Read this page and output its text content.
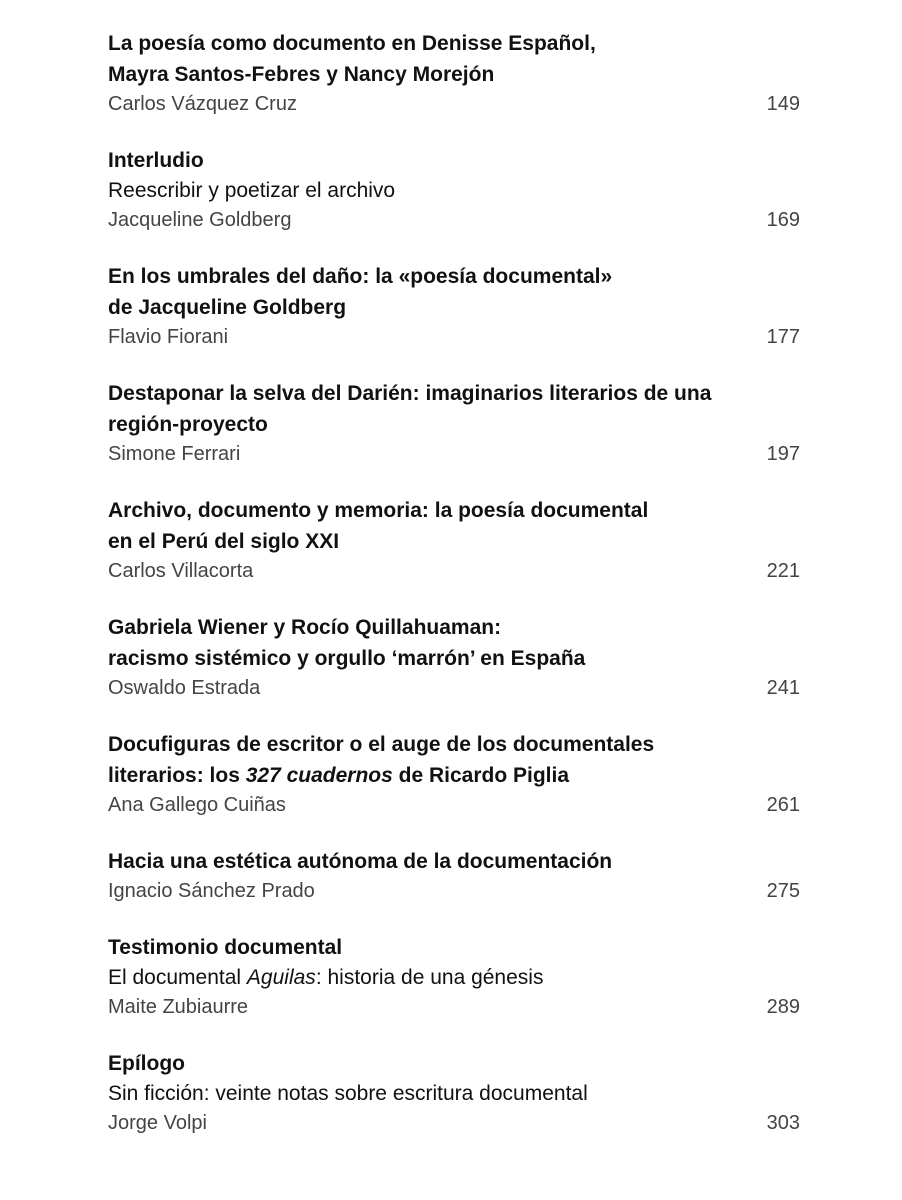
La poesía como documento en Denisse Español,
Mayra Santos-Febres y Nancy Morejón
Carlos Vázquez Cruz	149
Interludio
Reescribir y poetizar el archivo
Jacqueline Goldberg	169
En los umbrales del daño: la «poesía documental»
de Jacqueline Goldberg
Flavio Fiorani	177
Destaponar la selva del Darién: imaginarios literarios de una
región-proyecto
Simone Ferrari	197
Archivo, documento y memoria: la poesía documental
en el Perú del siglo XXI
Carlos Villacorta	221
Gabriela Wiener y Rocío Quillahuaman:
racismo sistémico y orgullo ‘marrón’ en España
Oswaldo Estrada	241
Docufiguras de escritor o el auge de los documentales
literarios: los 327 cuadernos de Ricardo Piglia
Ana Gallego Cuiñas	261
Hacia una estética autónoma de la documentación
Ignacio Sánchez Prado	275
Testimonio documental
El documental Aguilas: historia de una génesis
Maite Zubiaurre	289
Epílogo
Sin ficción: veinte notas sobre escritura documental
Jorge Volpi	303
